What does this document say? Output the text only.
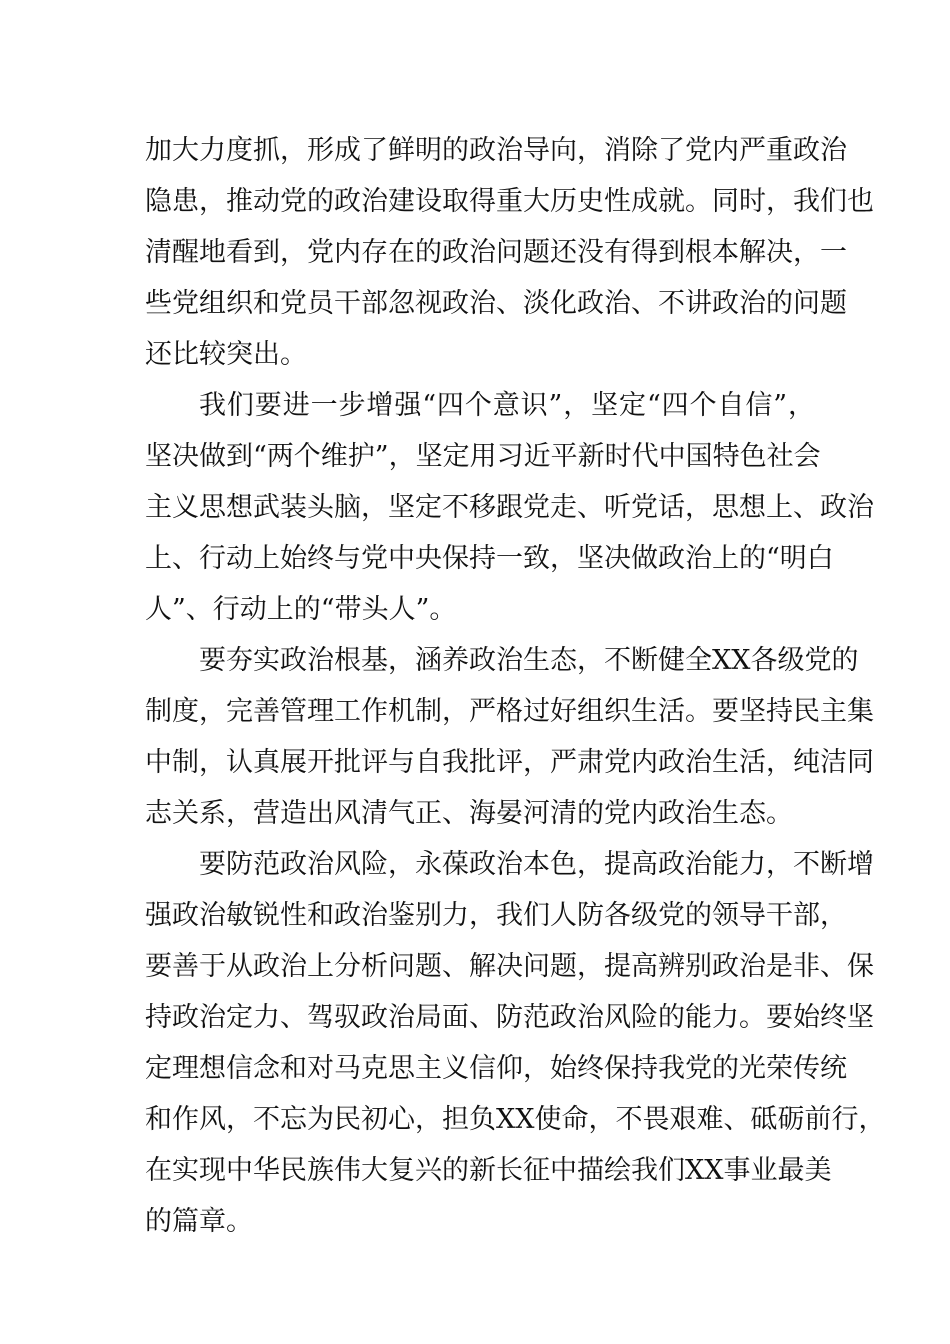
加大力度抓，形成了鲜明的政治导向，消除了党内严重政治
隐患，推动党的政治建设取得重大历史性成就。同时，我们也
清醒地看到，党内存在的政治问题还没有得到根本解决，一
些党组织和党员干部忽视政治、淡化政治、不讲政治的问题
还比较突出。
我们要进一步增强“四个意识”，坚定“四个自信”，
坚决做到“两个维护”，坚定用习近平新时代中国特色社会
主义思想武装头脑，坚定不移跟党走、听党话，思想上、政治
上、行动上始终与党中央保持一致，坚决做政治上的“明白
人”、行动上的“带头人”。
要夯实政治根基，涵养政治生态，不断健全XX各级党的
制度，完善管理工作机制，严格过好组织生活。要坚持民主集
中制，认真展开批评与自我批评，严肃党内政治生活，纯洁同
志关系，营造出风清气正、海晏河清的党内政治生态。
要防范政治风险，永葆政治本色，提高政治能力，不断增
强政治敏锐性和政治鉴别力，我们人防各级党的领导干部，
要善于从政治上分析问题、解决问题，提高辨别政治是非、保
持政治定力、驾驭政治局面、防范政治风险的能力。要始终坚
定理想信念和对马克思主义信仰，始终保持我党的光荣传统
和作风，不忘为民初心，担负XX使命，不畏艰难、砥砺前行，
在实现中华民族伟大复兴的新长征中描绘我们XX事业最美
的篇章。
